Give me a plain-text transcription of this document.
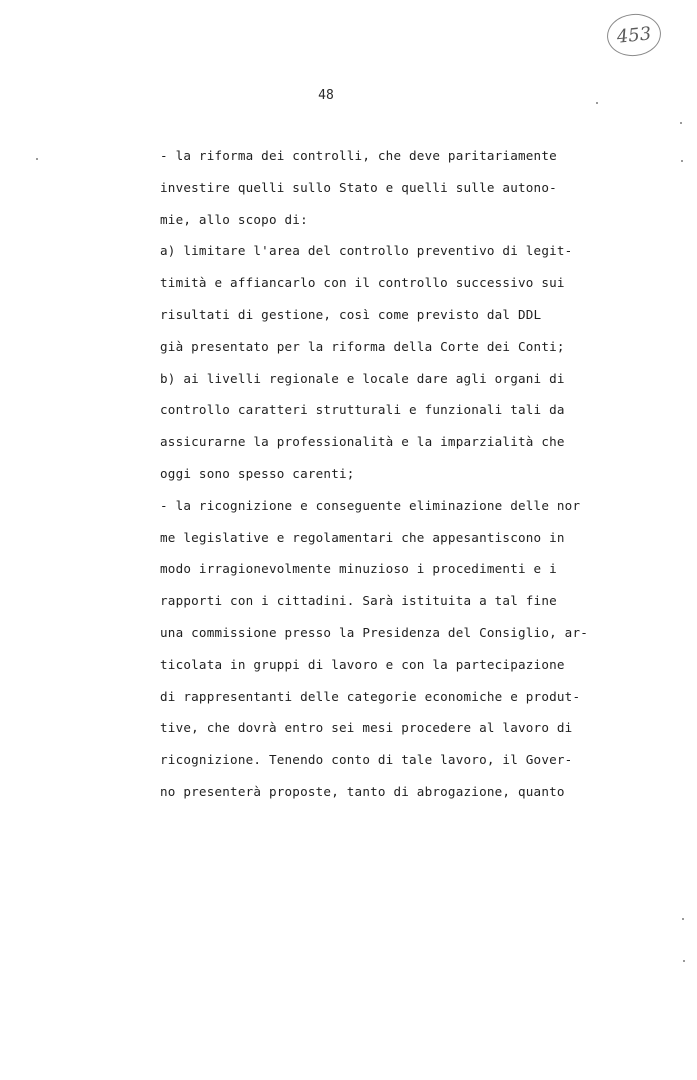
453
48
- la riforma dei controlli, che deve paritariamente
investire quelli sullo Stato e quelli sulle autono-
mie, allo scopo di:
a) limitare l'area del controllo preventivo di legit-
timità e affiancarlo con il controllo successivo sui
risultati di gestione, così come previsto dal DDL
già presentato per la riforma della Corte dei Conti;
b) ai livelli regionale e locale dare agli organi di
controllo caratteri strutturali e funzionali tali da
assicurarne la professionalità e la imparzialità che
oggi sono spesso carenti;
- la ricognizione e conseguente eliminazione delle nor
me legislative e regolamentari che appesantiscono in
modo irragionevolmente minuzioso i procedimenti e i
rapporti con i cittadini. Sarà istituita a tal fine
una commissione presso la Presidenza del Consiglio, ar-
ticolata in gruppi di lavoro e con la partecipazione
di rappresentanti delle categorie economiche e produt-
tive, che dovrà entro sei mesi procedere al lavoro di
ricognizione. Tenendo conto di tale lavoro, il Gover-
no presenterà proposte, tanto di abrogazione, quanto
